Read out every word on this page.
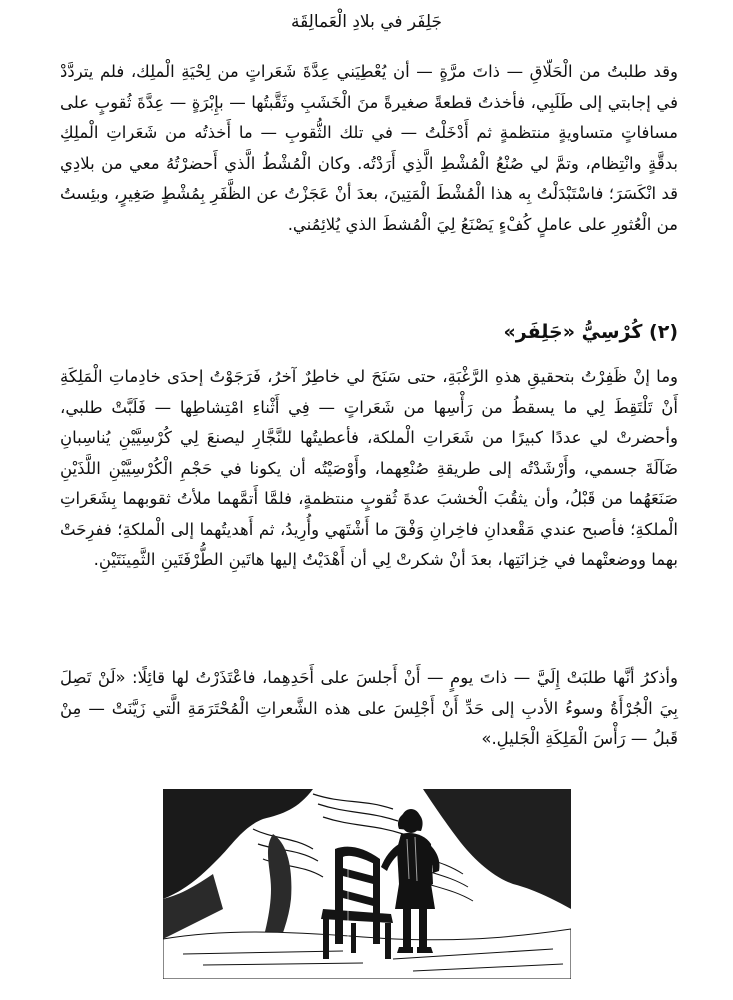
جَلِفَر في بلادِ الْعَمالِقَة

وقد طلبتُ من الْحَلّاقِ — ذاتَ مرَّةٍ — أن يُعْطِيَني عِدَّةَ شَعَراتٍ من لِحْيَةِ الْملِك، فلم يتردَّدْ في إجابتي إلى طَلَبِي، فأخذتُ قطعةً صغيرةً منَ الْخَشَبِ وثَقَّبتُها — بإِبْرَةٍ — عِدَّةَ ثُقوبٍ على مسافاتٍ متساويةٍ منتظمةٍ ثم أَدْخَلْتُ — في تلك الثُّقوبِ — ما أَخذتُه من شَعَراتِ الْملِكِ بدقَّةٍ وانْتِظام، وتمَّ لي صُنْعُ الْمُشْطِ الَّذِي أَرَدْتُه. وكان الْمُشْطُ الَّذي أَحضرْتُهُ معي من بلادِي قد انْكَسَرَ؛ فاسْتَبْدَلْتُ بِه هذا الْمُشْطَ الْمَتِينَ، بعدَ أنْ عَجَزْتُ عن الظَّفَرِ بِمُشْطٍ صَغِيرٍ، وبئِستُ من الْعُثورِ على عاملٍ كُفْءٍ يَصْنَعُ لِيَ الْمُشطَ الذي يُلائِمُني.

(٢) كُرْسِيُّ «جَلِفَر»

وما إنْ ظَفِرْتُ بتحقيقِ هذهِ الرَّغْبَةِ، حتى سَنَحَ لي خاطِرٌ آخرُ، فَرَجَوْتُ إحدَى خادِماتِ الْمَلِكَةِ أَنْ تَلْتَقِطَ لِي ما يسقطُ من رَأْسِها من شَعَراتٍ — فِي أَثْناءِ امْتِشاطِها — فَلَبَّتْ طلبي، وأحضرتْ لي عددًا كبيرًا من شَعَراتِ الْملكة، فأعطيتُها للنَّجَّارِ ليصنعَ لِي كُرْسِيَّيْنِ يُناسِبانِ ضَآلَةَ جسمي، وأَرْشَدْتُه إلى طريقةِ صُنْعِهما، وأَوْصَيْتُه أن يكونا في حَجْمِ الْكُرْسِيَّيْنِ اللَّذَيْنِ صَنَعَهُما من قَبْلُ، وأن يثقُبَ الْخشبَ عدةَ ثُقوبٍ منتظمةٍ، فلمَّا أَتمَّهما ملأتُ ثقوبهما بِشَعَراتِ الْملكةِ؛ فأصبح عندي مَقْعدانِ فاخِرانِ وَفْقَ ما أَشْتَهي وأُرِيدُ، ثم أَهديتُهما إلى الْملكةِ؛ ففرِحَتْ بهما ووضعتْهما في خِزانَتِها، بعدَ أنْ شكرتْ لِي أن أَهْدَيْتُ إليها هاتَينِ الطُّرْفَتَينِ الثَّمِينَتَيْنِ.

وأذكرُ أنَّها طلبَتْ إِلَيَّ — ذاتَ يومٍ — أَنْ أَجلسَ على أَحَدِهِما، فاعْتَذَرْتُ لها قائِلًا: «لَنْ تَصِلَ بِيَ الْجُرْأَةُ وسوءُ الأدبِ إلى حَدِّ أَنْ أَجْلِسَ على هذه الشَّعراتِ الْمُحْتَرَمَةِ الَّتي زَيَّنَتْ — مِنْ قَبلُ — رَأْسَ الْمَلِكَةِ الْجَليلِ.»
